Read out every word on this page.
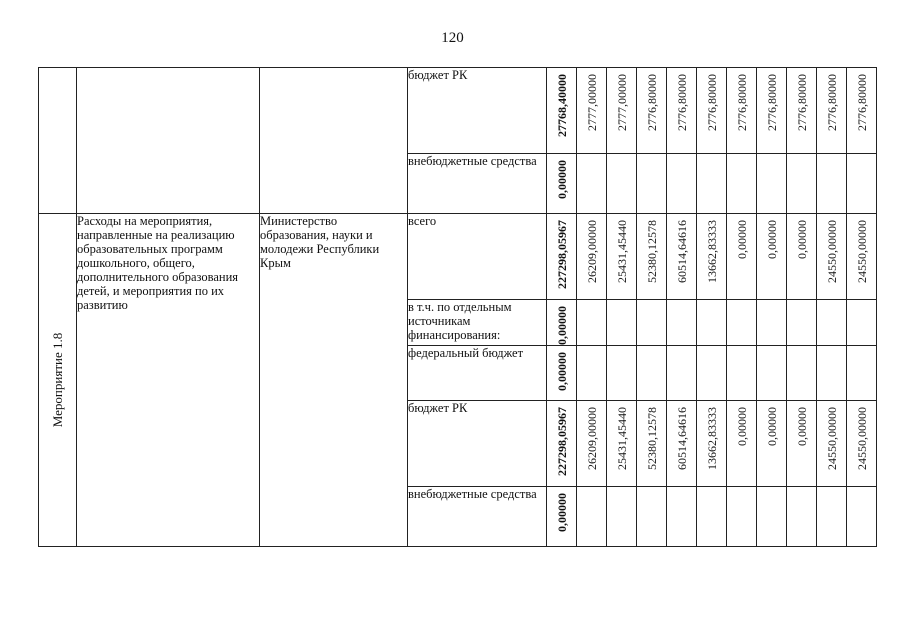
120
			бюджет РК	27768,40000	2777,00000	2777,00000	2776,80000	2776,80000	2776,80000	2776,80000	2776,80000	2776,80000	2776,80000	2776,80000

			внебюджетные средства	0,00000										

Мероприятие 1.8	Расходы на мероприятия, направленные на реализацию образовательных программ дошкольного, общего, дополнительного образования детей, и мероприятия по их развитию	Министерство образования, науки и молодежи Республики Крым	всего	227298,05967	26209,00000	25431,45440	52380,12578	60514,64616	13662,83333	0,00000	0,00000	0,00000	24550,00000	24550,00000

			в т.ч. по отдельным источникам финансирования:	0,00000										

			федеральный бюджет	0,00000										

			бюджет РК	227298,05967	26209,00000	25431,45440	52380,12578	60514,64616	13662,83333	0,00000	0,00000	0,00000	24550,00000	24550,00000

			внебюджетные средства	0,00000										
